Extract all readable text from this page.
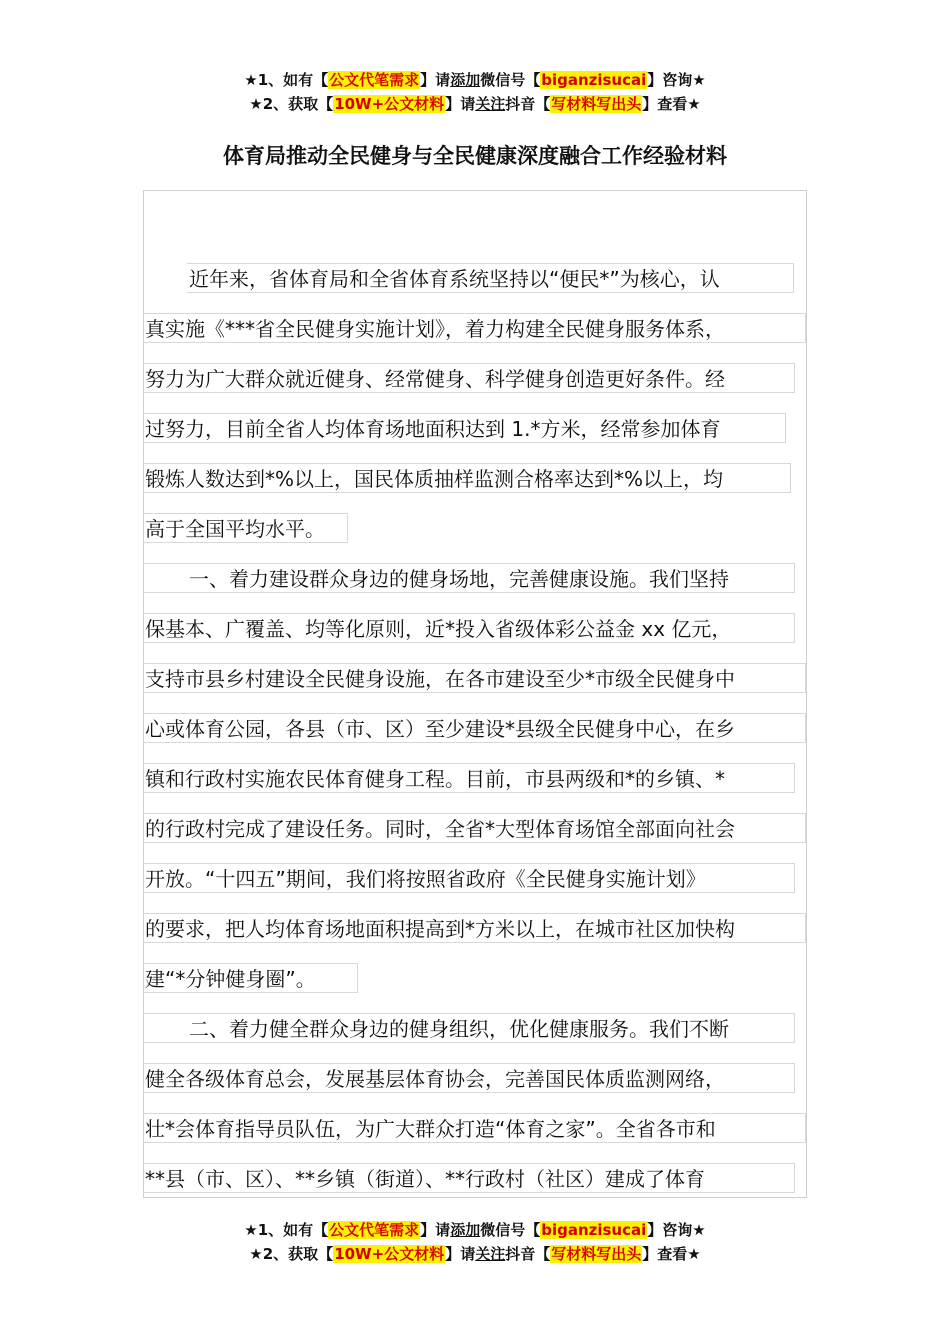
★1、如有【公文代笔需求】请添加微信号【biganzisucai】咨询★
★2、获取【10W+公文材料】请关注抖音【写材料写出头】查看★
体育局推动全民健身与全民健康深度融合工作经验材料
近年来，省体育局和全省体育系统坚持以“便民*”为核心，认
真实施《***省全民健身实施计划》，着力构建全民健身服务体系，
努力为广大群众就近健身、经常健身、科学健身创造更好条件。经
过努力，目前全省人均体育场地面积达到 1.*方米，经常参加体育
锻炼人数达到*%以上，国民体质抽样监测合格率达到*%以上，均
高于全国平均水平。
一、着力建设群众身边的健身场地，完善健康设施。我们坚持
保基本、广覆盖、均等化原则，近*投入省级体彩公益金 xx 亿元，
支持市县乡村建设全民健身设施，在各市建设至少*市级全民健身中
心或体育公园，各县（市、区）至少建设*县级全民健身中心，在乡
镇和行政村实施农民体育健身工程。目前，市县两级和*的乡镇、*
的行政村完成了建设任务。同时，全省*大型体育场馆全部面向社会
开放。“十四五”期间，我们将按照省政府《全民健身实施计划》
的要求，把人均体育场地面积提高到*方米以上，在城市社区加快构
建“*分钟健身圈”。
二、着力健全群众身边的健身组织，优化健康服务。我们不断
健全各级体育总会，发展基层体育协会，完善国民体质监测网络，
壮*会体育指导员队伍，为广大群众打造“体育之家”。全省各市和
**县（市、区）、**乡镇（街道）、**行政村（社区）建成了体育
★1、如有【公文代笔需求】请添加微信号【biganzisucai】咨询★
★2、获取【10W+公文材料】请关注抖音【写材料写出头】查看★
